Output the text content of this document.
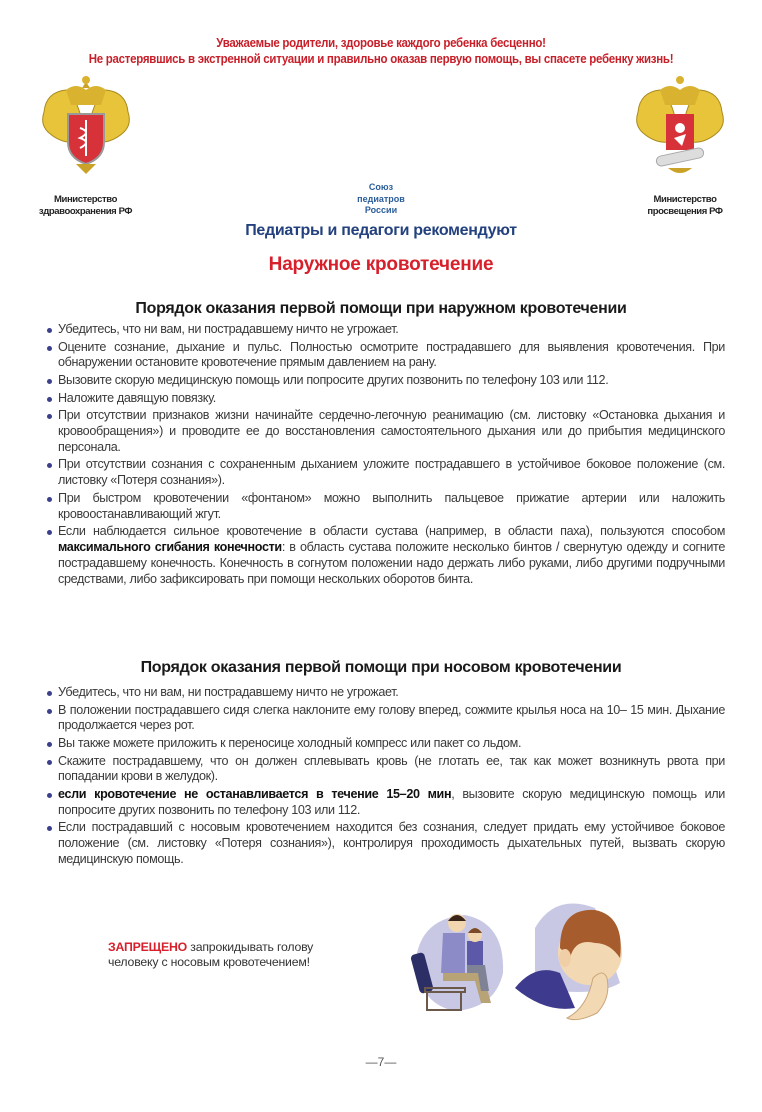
Уважаемые родители, здоровье каждого ребенка бесценно!
Не растерявшись в экстренной ситуации и правильно оказав первую помощь, вы спасете ребенку жизнь!
Министерство
здравоохранения РФ
Союз
педиатров
России
Министерство
просвещения РФ
Педиатры и педагоги рекомендуют
Наружное кровотечение
Порядок оказания первой помощи при наружном кровотечении
Убедитесь, что ни вам, ни пострадавшему ничто не угрожает.
Оцените сознание, дыхание и пульс. Полностью осмотрите пострадавшего для выявления кровотечения. При обнаружении остановите кровотечение прямым давлением на рану.
Вызовите скорую медицинскую помощь или попросите других позвонить по телефону 103 или 112.
Наложите давящую повязку.
При отсутствии признаков жизни начинайте сердечно-легочную реанимацию (см. листовку «Остановка дыхания и кровообращения») и проводите ее до восстановления самостоятельного дыхания или до прибытия медицинского персонала.
При отсутствии сознания с сохраненным дыханием уложите пострадавшего в устойчивое боковое положение (см. листовку «Потеря сознания»).
При быстром кровотечении «фонтаном» можно выполнить пальцевое прижатие артерии или наложить кровоостанавливающий жгут.
Если наблюдается сильное кровотечение в области сустава (например, в области паха), пользуются способом максимального сгибания конечности: в область сустава положите несколько бинтов / свернутую одежду и согните пострадавшему конечность. Конечность в согнутом положении надо держать либо руками, либо другими подручными средствами, либо зафиксировать при помощи нескольких оборотов бинта.
Порядок оказания первой помощи при носовом кровотечении
Убедитесь, что ни вам, ни пострадавшему ничто не угрожает.
В положении пострадавшего сидя слегка наклоните ему голову вперед, сожмите крылья носа на 10– 15 мин. Дыхание продолжается через рот.
Вы также можете приложить к переносице холодный компресс или пакет со льдом.
Скажите пострадавшему, что он должен сплевывать кровь (не глотать ее, так как может возникнуть рвота при попадании крови в желудок).
если кровотечение не останавливается в течение 15–20 мин, вызовите скорую медицинскую помощь или попросите других позвонить по телефону 103 или 112.
Если пострадавший с носовым кровотечением находится без сознания, следует придать ему устойчивое боковое положение (см. листовку «Потеря сознания»), контролируя проходимость дыхательных путей, вызвать скорую медицинскую помощь.
ЗАПРЕЩЕНО запрокидывать голову человеку с носовым кровотечением!
—7—
